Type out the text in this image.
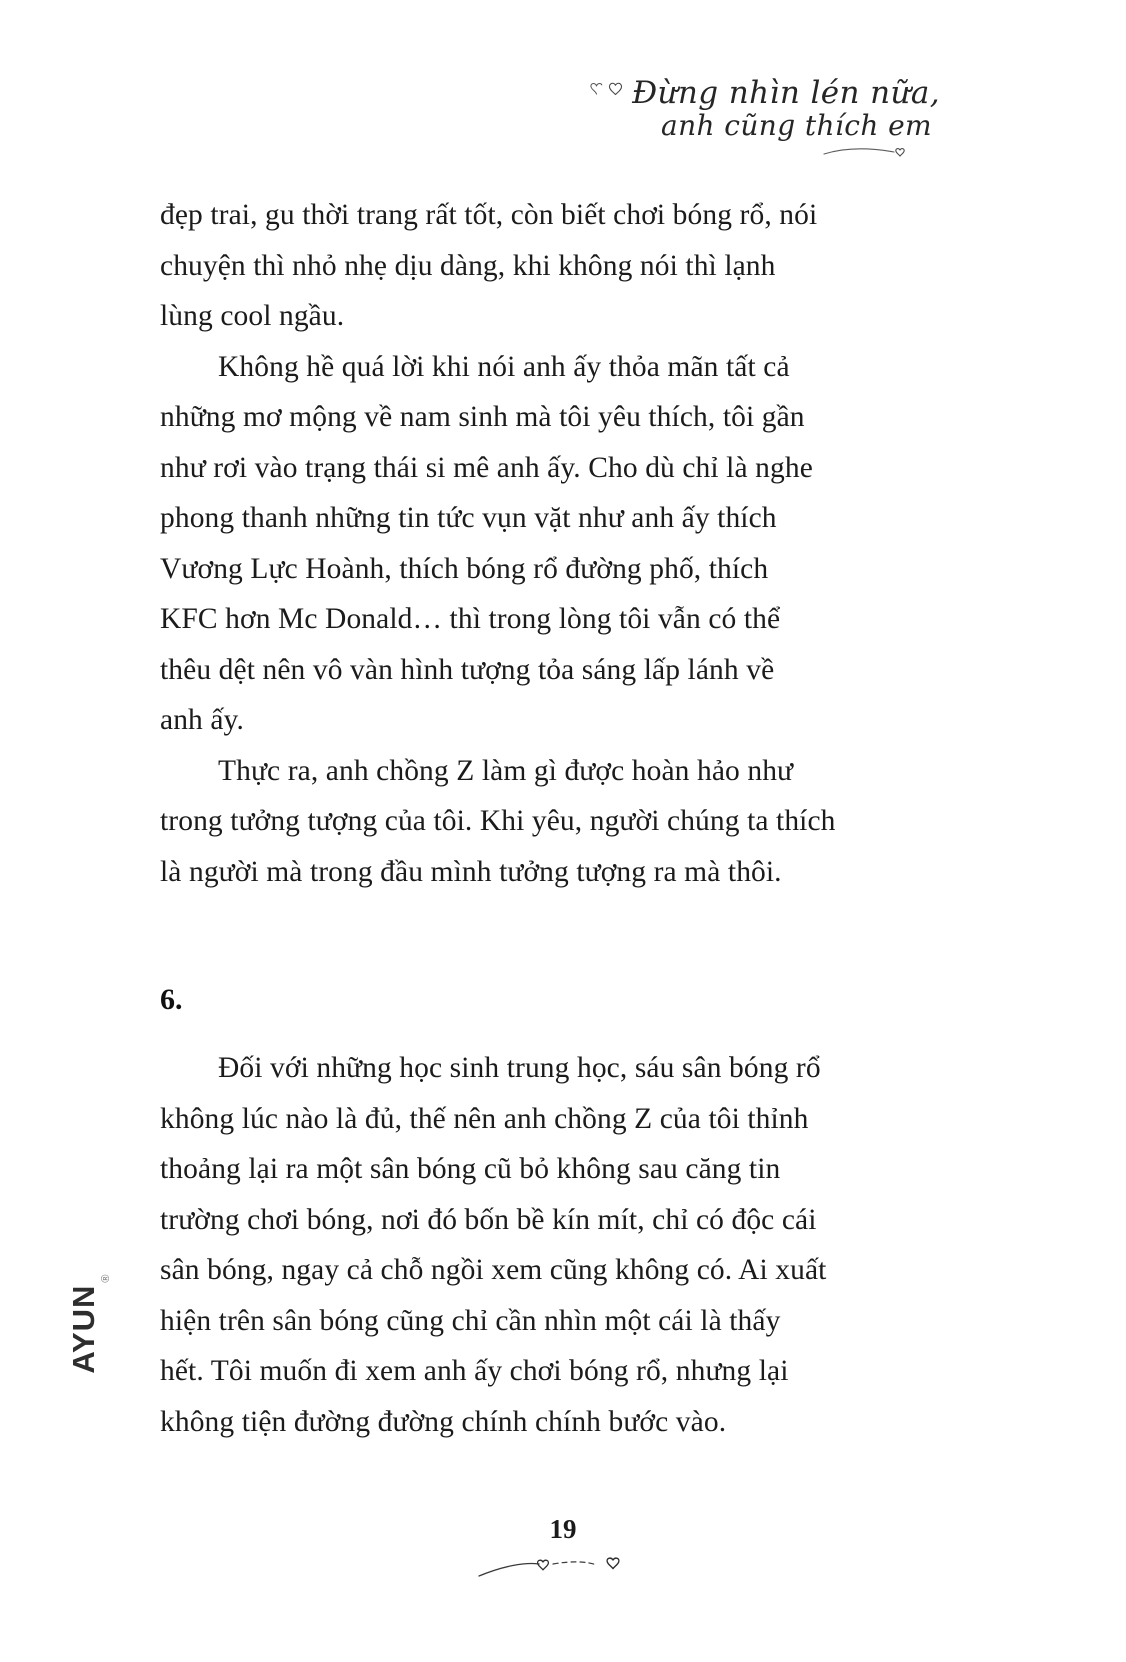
Đừng nhìn lén nữa,
anh cũng thích em

đẹp trai, gu thời trang rất tốt, còn biết chơi bóng rổ, nói
chuyện thì nhỏ nhẹ dịu dàng, khi không nói thì lạnh
lùng cool ngầu.

Không hề quá lời khi nói anh ấy thỏa mãn tất cả
những mơ mộng về nam sinh mà tôi yêu thích, tôi gần
như rơi vào trạng thái si mê anh ấy. Cho dù chỉ là nghe
phong thanh những tin tức vụn vặt như anh ấy thích
Vương Lực Hoành, thích bóng rổ đường phố, thích
KFC hơn Mc Donald… thì trong lòng tôi vẫn có thể
thêu dệt nên vô vàn hình tượng tỏa sáng lấp lánh về
anh ấy.

Thực ra, anh chồng Z làm gì được hoàn hảo như
trong tưởng tượng của tôi. Khi yêu, người chúng ta thích
là người mà trong đầu mình tưởng tượng ra mà thôi.

6.

Đối với những học sinh trung học, sáu sân bóng rổ
không lúc nào là đủ, thế nên anh chồng Z của tôi thỉnh
thoảng lại ra một sân bóng cũ bỏ không sau căng tin
trường chơi bóng, nơi đó bốn bề kín mít, chỉ có độc cái
sân bóng, ngay cả chỗ ngồi xem cũng không có. Ai xuất
hiện trên sân bóng cũng chỉ cần nhìn một cái là thấy
hết. Tôi muốn đi xem anh ấy chơi bóng rổ, nhưng lại
không tiện đường đường chính chính bước vào.

AYUN
®
19
